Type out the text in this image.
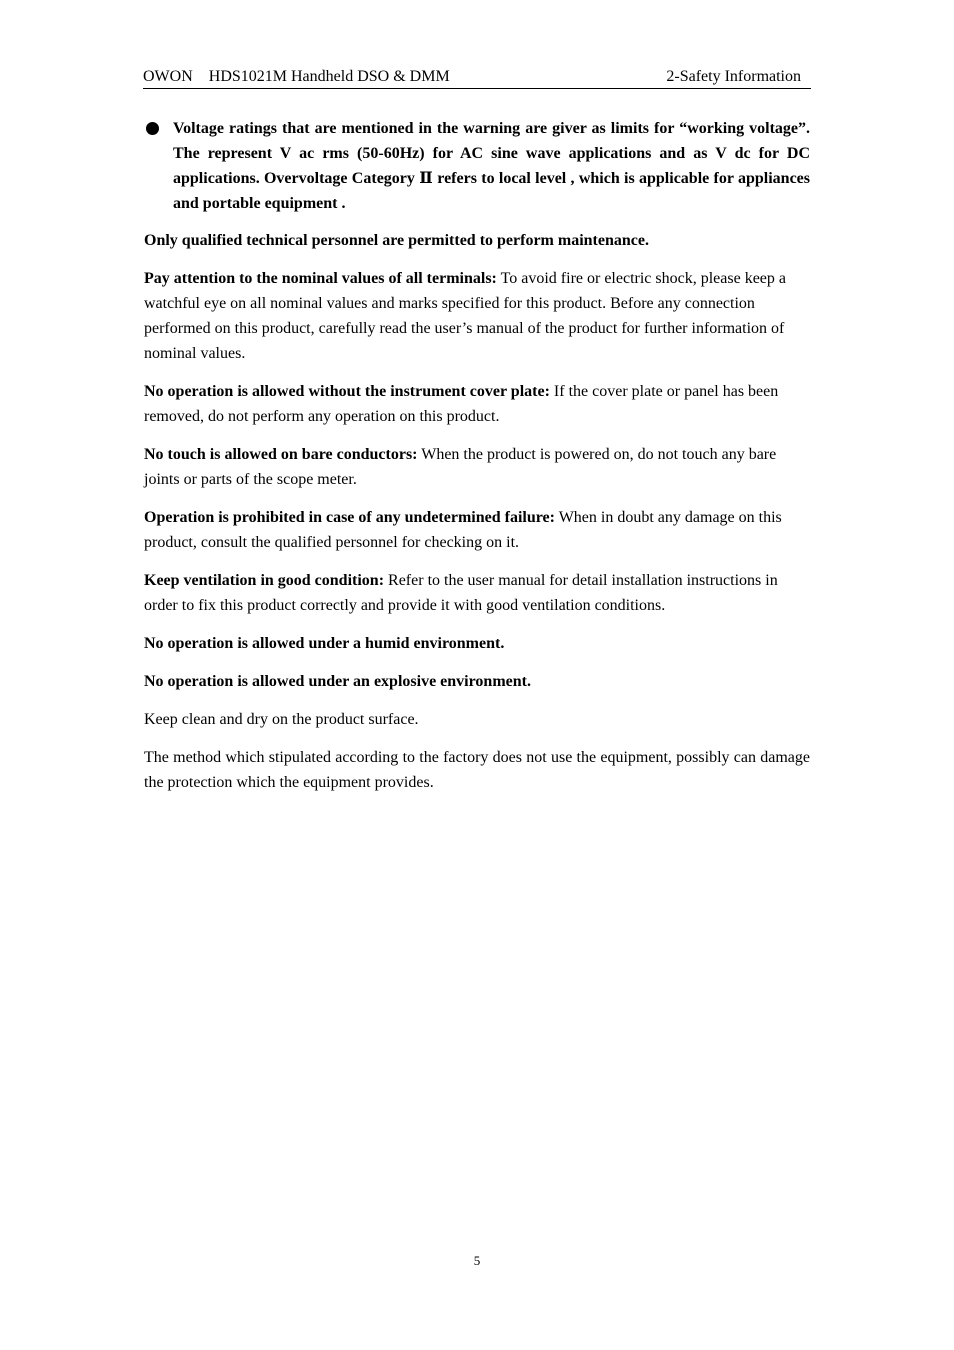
OWON    HDS1021M Handheld DSO & DMM	2-Safety Information
Voltage ratings that are mentioned in the warning are giver as limits for “working voltage”. The represent V ac rms (50-60Hz) for AC sine wave applications and as V dc for DC applications. Overvoltage Category Ⅱ refers to local level , which is applicable for appliances and portable equipment .

Only qualified technical personnel are permitted to perform maintenance.

Pay attention to the nominal values of all terminals: To avoid fire or electric shock, please keep a watchful eye on all nominal values and marks specified for this product. Before any connection performed on this product, carefully read the user’s manual of the product for further information of nominal values.

No operation is allowed without the instrument cover plate: If the cover plate or panel has been removed, do not perform any operation on this product.

No touch is allowed on bare conductors: When the product is powered on, do not touch any bare joints or parts of the scope meter.

Operation is prohibited in case of any undetermined failure: When in doubt any damage on this product, consult the qualified personnel for checking on it.

Keep ventilation in good condition: Refer to the user manual for detail installation instructions in order to fix this product correctly and provide it with good ventilation conditions.

No operation is allowed under a humid environment.

No operation is allowed under an explosive environment.

Keep clean and dry on the product surface.

The method which stipulated according to the factory does not use the equipment, possibly can damage the protection which the equipment provides.

5
